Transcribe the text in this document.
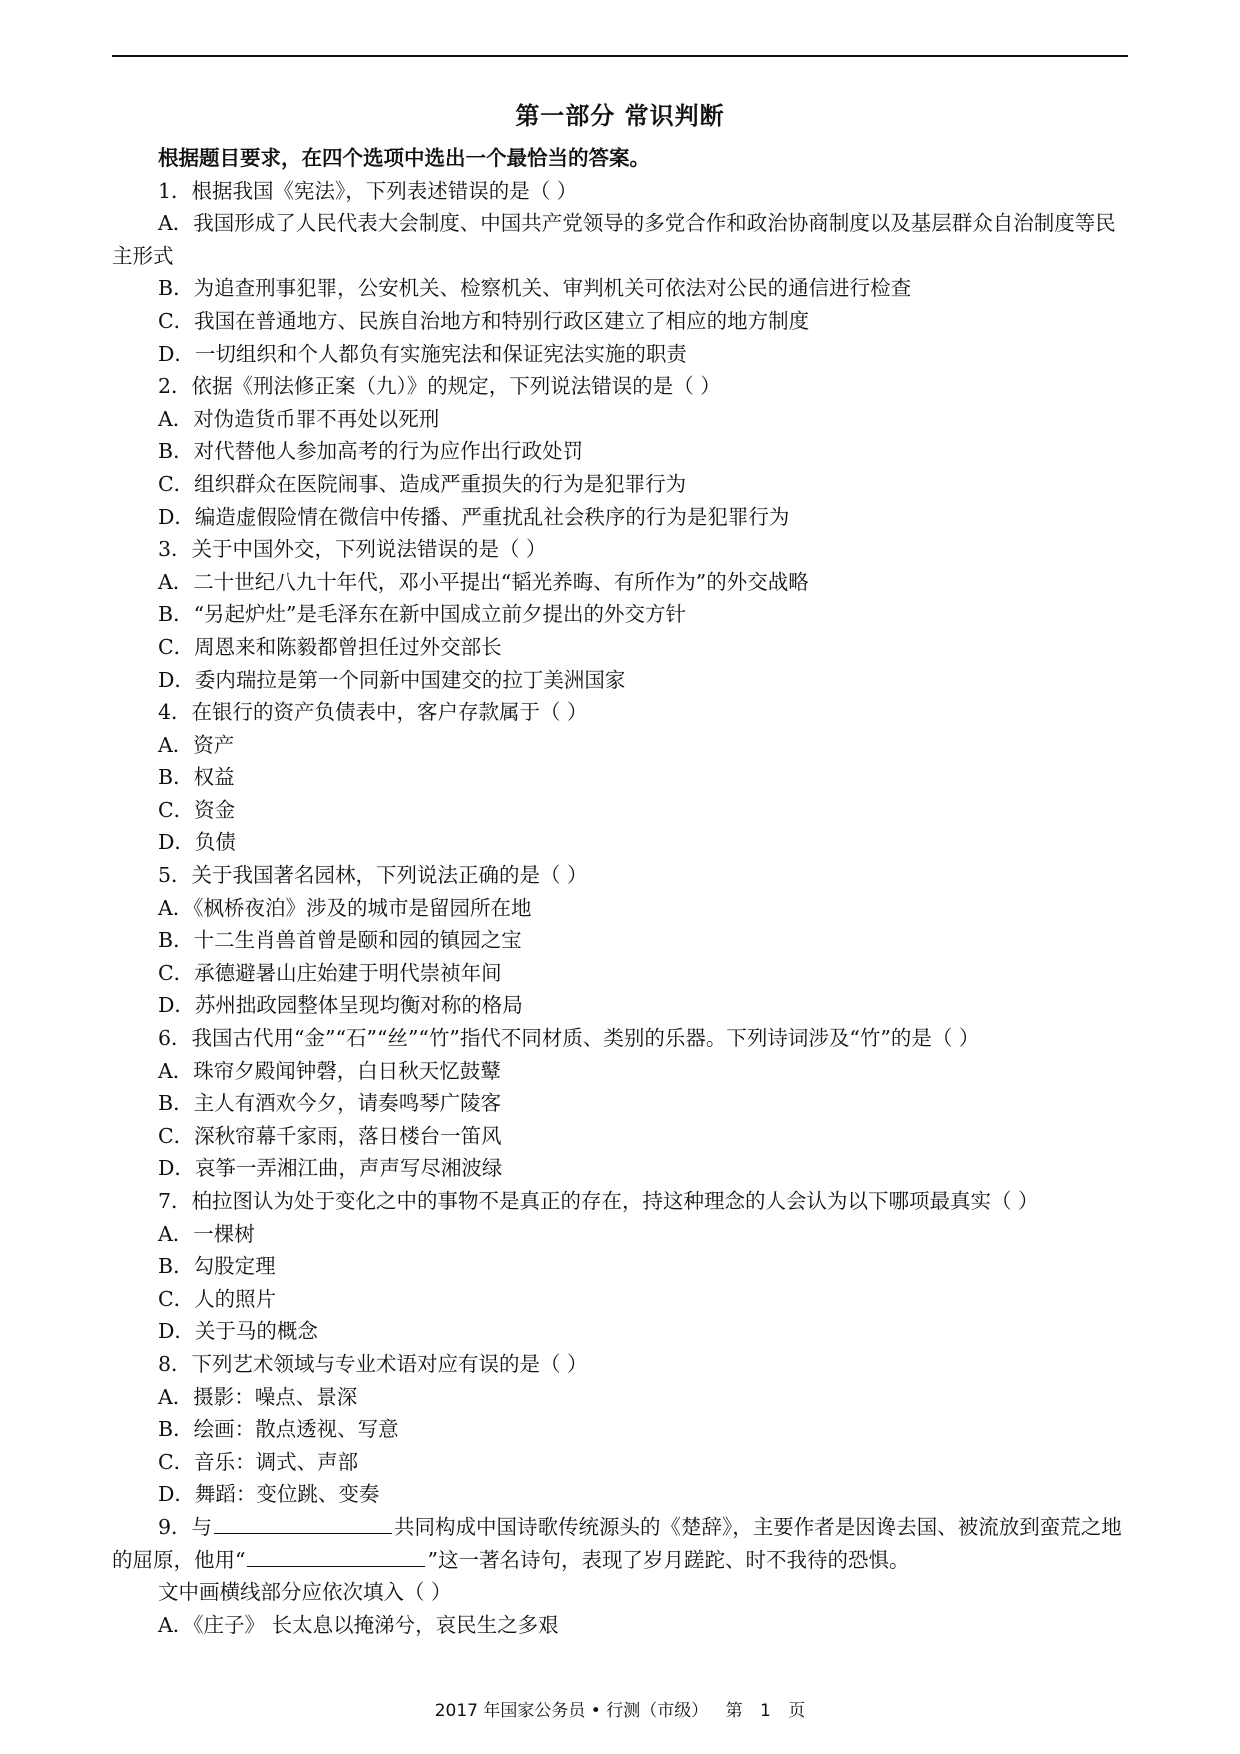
第一部分 常识判断
根据题目要求，在四个选项中选出一个最恰当的答案。
1．根据我国《宪法》，下列表述错误的是（ ）
A．我国形成了人民代表大会制度、中国共产党领导的多党合作和政治协商制度以及基层群众自治制度等民主形式
B．为追查刑事犯罪，公安机关、检察机关、审判机关可依法对公民的通信进行检查
C．我国在普通地方、民族自治地方和特别行政区建立了相应的地方制度
D．一切组织和个人都负有实施宪法和保证宪法实施的职责
2．依据《刑法修正案（九）》的规定，下列说法错误的是（ ）
A．对伪造货币罪不再处以死刑
B．对代替他人参加高考的行为应作出行政处罚
C．组织群众在医院闹事、造成严重损失的行为是犯罪行为
D．编造虚假险情在微信中传播、严重扰乱社会秩序的行为是犯罪行为
3．关于中国外交，下列说法错误的是（ ）
A．二十世纪八九十年代，邓小平提出“韬光养晦、有所作为”的外交战略
B．“另起炉灶”是毛泽东在新中国成立前夕提出的外交方针
C．周恩来和陈毅都曾担任过外交部长
D．委内瑞拉是第一个同新中国建交的拉丁美洲国家
4．在银行的资产负债表中，客户存款属于（ ）
A．资产
B．权益
C．资金
D．负债
5．关于我国著名园林，下列说法正确的是（ ）
A．《枫桥夜泊》涉及的城市是留园所在地
B．十二生肖兽首曾是颐和园的镇园之宝
C．承德避暑山庄始建于明代崇祯年间
D．苏州拙政园整体呈现均衡对称的格局
6．我国古代用“金”“石”“丝”“竹”指代不同材质、类别的乐器。下列诗词涉及“竹”的是（ ）
A．珠帘夕殿闻钟磬，白日秋天忆鼓鼙
B．主人有酒欢今夕，请奏鸣琴广陵客
C．深秋帘幕千家雨，落日楼台一笛风
D．哀筝一弄湘江曲，声声写尽湘波绿
7．柏拉图认为处于变化之中的事物不是真正的存在，持这种理念的人会认为以下哪项最真实（ ）
A．一棵树
B．勾股定理
C．人的照片
D．关于马的概念
8．下列艺术领域与专业术语对应有误的是（ ）
A．摄影：噪点、景深
B．绘画：散点透视、写意
C．音乐：调式、声部
D．舞蹈：变位跳、变奏
9．与	共同构成中国诗歌传统源头的《楚辞》，主要作者是因谗去国、被流放到蛮荒之地的屈原，他用“	”这一著名诗句，表现了岁月蹉跎、时不我待的恐惧。
文中画横线部分应依次填入（ ）
A．《庄子》 长太息以掩涕兮，哀民生之多艰
2017 年国家公务员 • 行测（市级） 第 1 页
